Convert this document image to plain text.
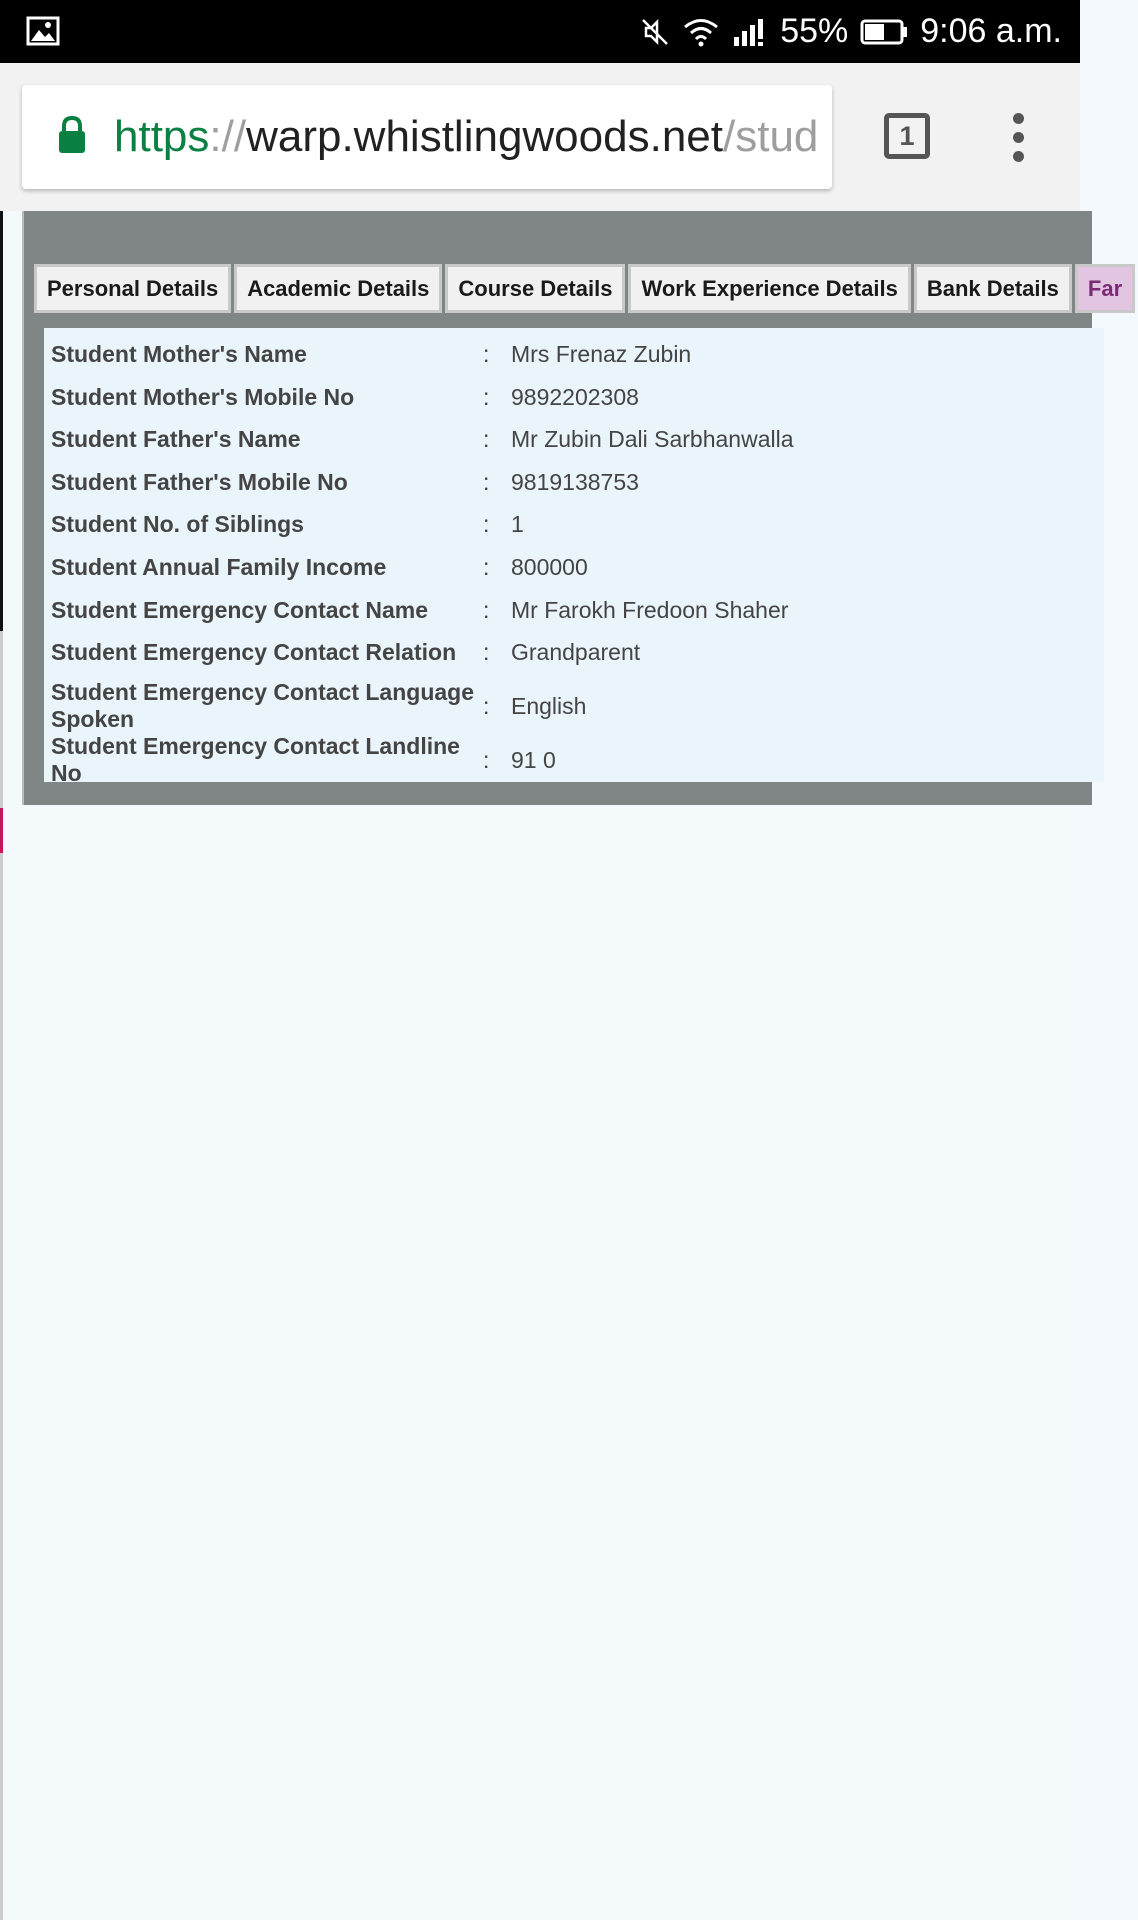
55% 9:06 a.m.
https://warp.whistlingwoods.net/stud	1
Personal Details	Academic Details	Course Details	Work Experience Details	Bank Details	Far
Student Mother's Name	: Mrs Frenaz Zubin
Student Mother's Mobile No	: 9892202308
Student Father's Name	: Mr Zubin Dali Sarbhanwalla
Student Father's Mobile No	: 9819138753
Student No. of Siblings	: 1
Student Annual Family Income	: 800000
Student Emergency Contact Name	: Mr Farokh Fredoon Shaher
Student Emergency Contact Relation	: Grandparent
Student Emergency Contact Language Spoken
: English
Student Emergency Contact Landline No
: 91 0
